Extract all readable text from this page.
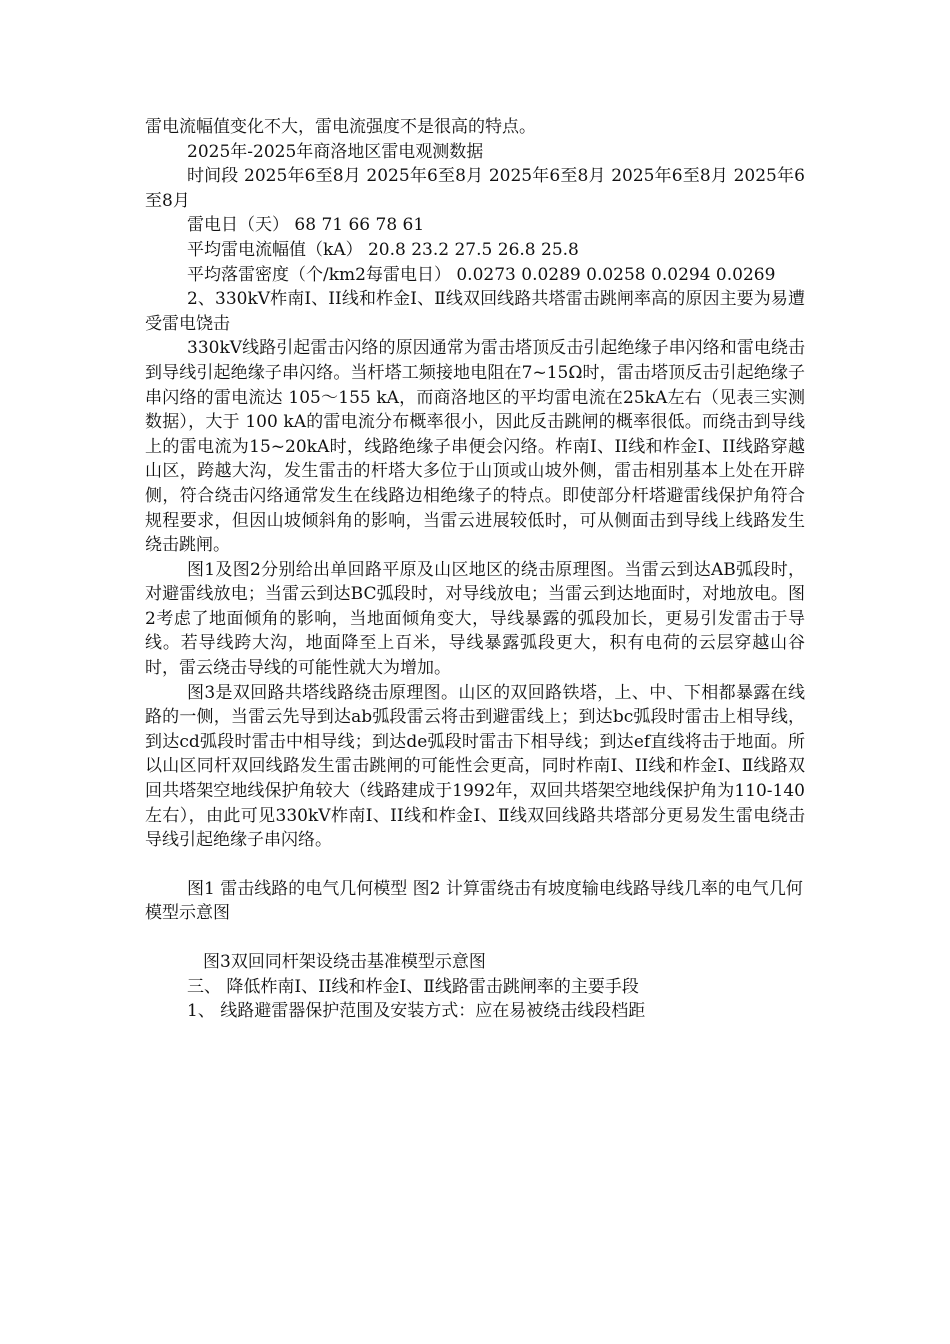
雷电流幅值变化不大，雷电流强度不是很高的特点。

2025年-2025年商洛地区雷电观测数据

时间段 2025年6至8月 2025年6至8月 2025年6至8月 2025年6至8月 2025年6至8月

雷电日（天） 68 71 66 78 61

平均雷电流幅值（kA） 20.8 23.2 27.5 26.8 25.8

平均落雷密度（个/km2每雷电日） 0.0273 0.0289 0.0258 0.0294 0.0269

2、330kV柞南I、II线和柞金I、Ⅱ线双回线路共塔雷击跳闸率高的原因主要为易遭受雷电饶击

330kV线路引起雷击闪络的原因通常为雷击塔顶反击引起绝缘子串闪络和雷电绕击到导线引起绝缘子串闪络。当杆塔工频接地电阻在7~15Ω时，雷击塔顶反击引起绝缘子串闪络的雷电流达 105～155 kA，而商洛地区的平均雷电流在25kA左右（见表三实测数据），大于 100 kA的雷电流分布概率很小，因此反击跳闸的概率很低。而绕击到导线上的雷电流为15~20kA时，线路绝缘子串便会闪络。柞南I、II线和柞金I、II线路穿越山区，跨越大沟，发生雷击的杆塔大多位于山顶或山坡外侧，雷击相别基本上处在开辟侧，符合绕击闪络通常发生在线路边相绝缘子的特点。即使部分杆塔避雷线保护角符合规程要求，但因山坡倾斜角的影响，当雷云进展较低时，可从侧面击到导线上线路发生绕击跳闸。

图1及图2分别给出单回路平原及山区地区的绕击原理图。当雷云到达AB弧段时，对避雷线放电；当雷云到达BC弧段时，对导线放电；当雷云到达地面时，对地放电。图2考虑了地面倾角的影响，当地面倾角变大，导线暴露的弧段加长，更易引发雷击于导线。若导线跨大沟，地面降至上百米，导线暴露弧段更大，积有电荷的云层穿越山谷时，雷云绕击导线的可能性就大为增加。

图3是双回路共塔线路绕击原理图。山区的双回路铁塔，上、中、下相都暴露在线路的一侧，当雷云先导到达ab弧段雷云将击到避雷线上；到达bc弧段时雷击上相导线，到达cd弧段时雷击中相导线；到达de弧段时雷击下相导线；到达ef直线将击于地面。所以山区同杆双回线路发生雷击跳闸的可能性会更高，同时柞南I、II线和柞金I、Ⅱ线路双回共塔架空地线保护角较大（线路建成于1992年，双回共塔架空地线保护角为110-140左右），由此可见330kV柞南I、II线和柞金I、Ⅱ线双回线路共塔部分更易发生雷电绕击导线引起绝缘子串闪络。

图1 雷击线路的电气几何模型 图2 计算雷绕击有坡度输电线路导线几率的电气几何模型示意图

图3双回同杆架设绕击基准模型示意图

三、 降低柞南I、II线和柞金I、Ⅱ线路雷击跳闸率的主要手段

1、 线路避雷器保护范围及安装方式：应在易被绕击线段档距
